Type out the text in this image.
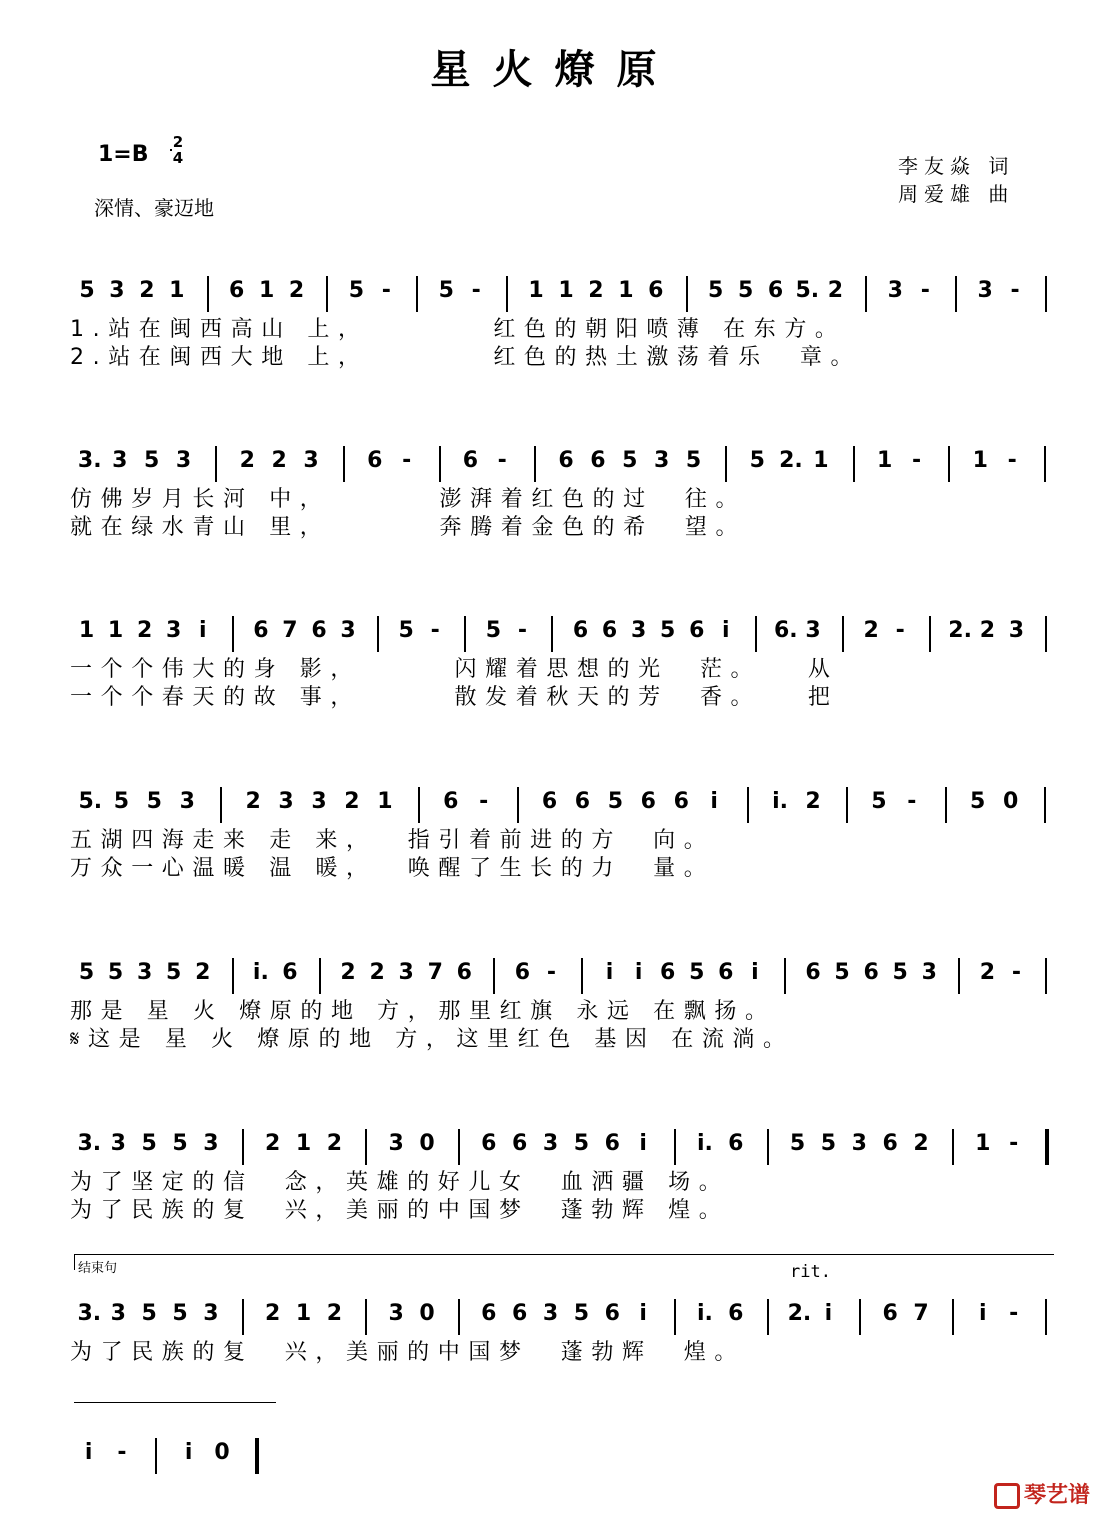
星火燎原
1=B 2
4
深情、豪迈地
李友焱 词
周爱雄 曲
结束句	rit.
琴艺谱
5 3 2 1 6 1 2 5 - 5 - 1 1 2 1 6 5 5 6 5. 2 3 - 3 -
1.站在闽西高山 上，        红色的朝阳喷薄 在东方。
2.站在闽西大地 上，        红色的热土激荡着乐  章。
3. 3 5 3 2 2 3 6 - 6 - 6 6 5 3 5 5 2. 1 1 - 1 -
仿佛岁月长河 中，       澎湃着红色的过  往。
就在绿水青山 里，       奔腾着金色的希  望。
1 1 2 3 i 6 7 6 3 5 - 5 - 6 6 3 5 6 i 6. 3 2 - 2. 2 3
一个个伟大的身 影，      闪耀着思想的光  茫。   从
一个个春天的故 事，      散发着秋天的芳  香。   把
5. 5 5 3 2 3 3 2 1 6 - 6 6 5 6 6 i i. 2 5 - 5 0
五湖四海走来 走 来，  指引着前进的方  向。
万众一心温暖 温 暖，  唤醒了生长的力  量。
5 5 3 5 2 i. 6 2 2 3 7 6 6 - i i 6 5 6 i 6 5 6 5 3 2 -
那是 星 火 燎原的地 方，那里红旗 永远 在飘扬。
𝄋这是 星 火 燎原的地 方，这里红色 基因 在流淌。
3. 3 5 5 3 2 1 2 3 0 6 6 3 5 6 i i. 6 5 5 3 6 2 1 -
为了坚定的信  念，英雄的好儿女  血洒疆 场。
为了民族的复  兴，美丽的中国梦  蓬勃辉 煌。
3. 3 5 5 3 2 1 2 3 0 6 6 3 5 6 i i. 6 2. i 6 7 i -
为了民族的复  兴，美丽的中国梦  蓬勃辉  煌。
i -	i 0
